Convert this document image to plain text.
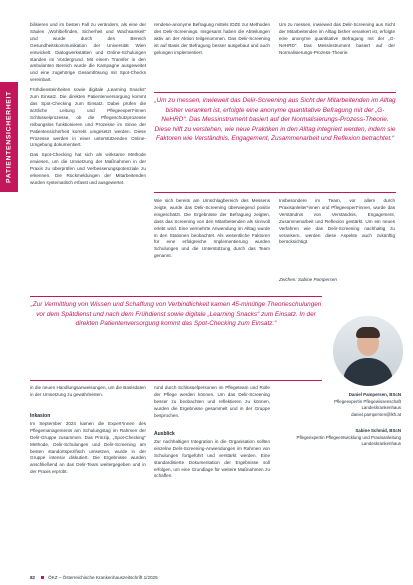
PATIENTENSICHERHEIT

bilisieren und im besten Fall zu verändern, als eine der Säulen „Wohlbefinden, Sicherheit und Wachsamkeit“ und wurde durch den Bereich Gesundheitskommunikation der Universität Wien entwickelt. Dialogwerkstätten und Online-Schulungen standen im Vordergrund. Mit einem Transfer in den ambulanten Bereich wurde die Kampagne ausgeweitet und eine zugehörige Gesamtlösung mit Spot-Checks vereinbart.

Frühdiensteinheiten sowie digitale „Learning Snacks“ zum Einsatz. Die direkten Patientenversorgung kommt das Spot-Checking zum Einsatz. Dabei prüfen die ärztliche Leitung und Pflegeexpert*innen Schlüsselprozesse, ob die Pflegeschutzprozesse reibungslos funktionieren und Prozesse im Sinne der Patientensicherheit korrekt umgesetzt werden. Diese Prozesse werden in einer unterstützenden Online-Umgebung dokumentiert.

Das Spot-Checking hat sich als wirksame Methode erwiesen, um die Umsetzung der Maßnahmen in der Praxis zu überprüfen und Verbesserungspotenziale zu erkennen. Die Rückmeldungen der Mitarbeitenden wurden systematisch erfasst und ausgewertet.

rendene-anonyme Befragung mittels IDZE zur Methoden des Delir-Screenings. Insgesamt haben die Abteilungen aktiv an der Aktion teilgenommen. Das Delir-Screening ist auf Basis der Befragung besser ausgebaut und auch gelungen implementiert.

Um zu messen, inwieweit das Delir-Screening aus Sicht der Mitarbeitenden im Alltag bisher verankert ist, erfolgte eine anonyme quantitative Befragung mit der „G-NeHRD“. Das Messinstrument basiert auf der Normalisierungs-Prozess-Theorie.

„Um zu messen, inwieweit das Delir-Screening aus Sicht der Mitarbeitenden im Alltag bisher verankert ist, erfolgte eine anonyme quantitative Befragung mit der „G-NeHRD“. Das Messinstrument basiert auf der Normalisierungs-Prozess-Theorie. Diese hilft zu verstehen, wie neue Praktiken in den Alltag integriert werden, indem sie Faktoren wie Verständnis, Engagement, Zusammenarbeit und Reflexion betrachtet.“

Wie sich bereits am Umschlagbereich des Messens zeigte, wurde das Delir-Screening überwiegend positiv eingeschätzt. Die Ergebnisse der Befragung zeigten, dass das Screening von den Mitarbeitenden als sinnvoll erlebt wird. Eine vermehrte Anwendung im Alltag wurde in den Stationen beobachtet. Als wesentliche Faktoren für eine erfolgreiche Implementierung wurden Schulungen und die Unterstützung durch das Team genannt.

Insbesondere im Team, vor allem durch Praxisanleiter*innen und Pflegeexpert*innen, wurde das Verständnis von Verständnis, Engagement, Zusammenarbeit und Reflexion gestärkt. Um ein neues Verfahren wie das Delir-Screening nachhaltig zu verankern, werden diese Aspekte auch zukünftig berücksichtigt.

Zeichen: Sabine Pampersen
„Zur Vermittlung von Wissen und Schaffung von Verbindlichkeit kamen 45-minütige Theorieschulungen vor dem Spätdienst und nach dem Frühdienst sowie digitale „Learning Snacks“ zum Einsatz. In der direkten Patientenversorgung kommt das Spot-Checking zum Einsatz.“

in die neuen Handlungsanweisungen, um die Basisdaten in der Umsetzung zu gewährleisten.

Inkasion

Im September 2024 kamen die Expert*innen des Pflegemanagements am Schulungstag im Rahmen der Delir-Gruppe zusammen. Das Prinzip, „Spot-Checking“ Methode, Delir-Schulungen und Delir-Screening am besten standortspezifisch umsetzen, wurde in der Gruppe intensiv diskutiert. Die Ergebnisse wurden anschließend an das Delir-Team weitergegeben und in der Praxis erprobt.

rund durch Schlüsselpersonen im Pflegeteam und Rolle der Pflege werden können. Um das Delir-Screening besser zu beobachten und reflektieren zu können, wurden die Ergebnisse gesammelt und in der Gruppe besprochen.

Ausblick

Zur nachhaltigen Integration in die Organisation sollten einzelne Delir-Screening-Anwendungen im Rahmen von Schulungen fortgeführt und verstärkt werden. Eine standardisierte Dokumentation der Ergebnisse soll erfolgen, um eine Grundlage für weitere Maßnahmen zu schaffen.

Daniel Pampersen, BScN
Pflegeexpertin Pflegewissenschaft
Landeskrankenhaus
daniel.pampersen@lkh.at
Sabine Schmid, BScN
Pflegeexpertin Pflegeentwicklung und Praxisanleitung
Landeskrankenhaus
82	ÖKZ – Österreichische Krankenhauszeitschrift 1/2025
